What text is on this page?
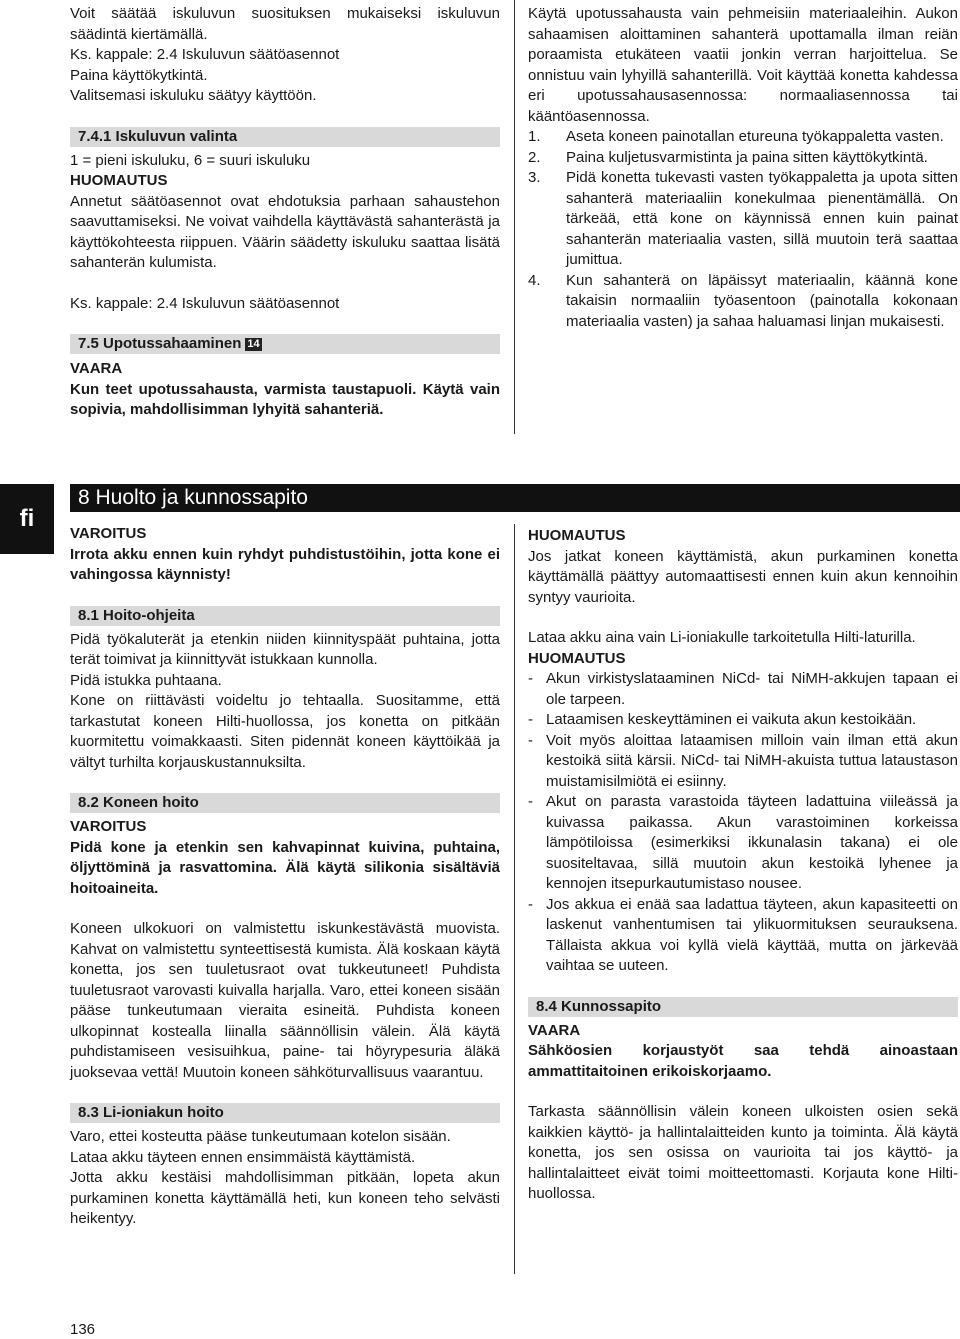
Voit säätää iskuluvun suosituksen mukaiseksi iskuluvun säädintä kiertämällä.

Ks. kappale: 2.4 Iskuluvun säätöasennot

Paina käyttökytkintä.

Valitsemasi iskuluku säätyy käyttöön.

7.4.1 Iskuluvun valinta

1 = pieni iskuluku, 6 = suuri iskuluku

HUOMAUTUS

Annetut säätöasennot ovat ehdotuksia parhaan sahaustehon saavuttamiseksi. Ne voivat vaihdella käyttävästä sahanterästä ja käyttökohteesta riippuen. Väärin säädetty iskuluku saattaa lisätä sahanterän kulumista.

Ks. kappale: 2.4 Iskuluvun säätöasennot

7.5 Upotussahaaminen 14

VAARA

Kun teet upotussahausta, varmista taustapuoli. Käytä vain sopivia, mahdollisimman lyhyitä sahanteriä.

Käytä upotussahausta vain pehmeisiin materiaaleihin. Aukon sahaamisen aloittaminen sahanterä upottamalla ilman reiän poraamista etukäteen vaatii jonkin verran harjoittelua. Se onnistuu vain lyhyillä sahanterillä. Voit käyttää konetta kahdessa eri upotussahausasennossa: normaaliasennossa tai kääntöasennossa.

1. Aseta koneen painotallan etureuna työkappaletta vasten.
2. Paina kuljetusvarmistinta ja paina sitten käyttökytkintä.
3. Pidä konetta tukevasti vasten työkappaletta ja upota sitten sahanterä materiaaliin konekulmaa pienentämällä. On tärkeää, että kone on käynnissä ennen kuin painat sahanterän materiaalia vasten, sillä muutoin terä saattaa jumittua.
4. Kun sahanterä on läpäissyt materiaalin, käännä kone takaisin normaaliin työasentoon (painotalla kokonaan materiaalia vasten) ja sahaa haluamasi linjan mukaisesti.
fi
8 Huolto ja kunnossapito

VAROITUS

Irrota akku ennen kuin ryhdyt puhdistustöihin, jotta kone ei vahingossa käynnisty!

8.1 Hoito-ohjeita

Pidä työkaluterät ja etenkin niiden kiinnityspäät puhtaina, jotta terät toimivat ja kiinnittyvät istukkaan kunnolla.

Pidä istukka puhtaana.

Kone on riittävästi voideltu jo tehtaalla. Suositamme, että tarkastutat koneen Hilti-huollossa, jos konetta on pitkään kuormitettu voimakkaasti. Siten pidennät koneen käyttöikää ja vältyt turhilta korjauskustannuksilta.

8.2 Koneen hoito

VAROITUS

Pidä kone ja etenkin sen kahvapinnat kuivina, puhtaina, öljyttöminä ja rasvattomina. Älä käytä silikonia sisältäviä hoitoaineita.

Koneen ulkokuori on valmistettu iskunkestävästä muovista. Kahvat on valmistettu synteettisestä kumista. Älä koskaan käytä konetta, jos sen tuuletusraot ovat tukkeutuneet! Puhdista tuuletusraot varovasti kuivalla harjalla. Varo, ettei koneen sisään pääse tunkeutumaan vieraita esineitä. Puhdista koneen ulkopinnat kostealla liinalla säännöllisin välein. Älä käytä puhdistamiseen vesisuihkua, paine- tai höyrypesuria äläkä juoksevaa vettä! Muutoin koneen sähköturvallisuus vaarantuu.

8.3 Li-ioniakun hoito

Varo, ettei kosteutta pääse tunkeutumaan kotelon sisään.

Lataa akku täyteen ennen ensimmäistä käyttämistä.

Jotta akku kestäisi mahdollisimman pitkään, lopeta akun purkaminen konetta käyttämällä heti, kun koneen teho selvästi heikentyy.

HUOMAUTUS

Jos jatkat koneen käyttämistä, akun purkaminen konetta käyttämällä päättyy automaattisesti ennen kuin akun kennoihin syntyy vaurioita.

Lataa akku aina vain Li-ioniakulle tarkoitetulla Hilti-laturilla.

HUOMAUTUS

- Akun virkistyslataaminen NiCd- tai NiMH-akkujen tapaan ei ole tarpeen.
- Lataamisen keskeyttäminen ei vaikuta akun kestoikään.
- Voit myös aloittaa lataamisen milloin vain ilman että akun kestoikä siitä kärsii. NiCd- tai NiMH-akuista tuttua lataustason muistamisilmiötä ei esiinny.
- Akut on parasta varastoida täyteen ladattuina viileässä ja kuivassa paikassa. Akun varastoiminen korkeissa lämpötiloissa (esimerkiksi ikkunalasin takana) ei ole suositeltavaa, sillä muutoin akun kestoikä lyhenee ja kennojen itsepurkautumistaso nousee.
- Jos akkua ei enää saa ladattua täyteen, akun kapasiteetti on laskenut vanhentumisen tai ylikuormituksen seurauksena. Tällaista akkua voi kyllä vielä käyttää, mutta on järkevää vaihtaa se uuteen.
8.4 Kunnossapito

VAARA

Sähköosien korjaustyöt saa tehdä ainoastaan ammattitaitoinen erikoiskorjaamo.

Tarkasta säännöllisin välein koneen ulkoisten osien sekä kaikkien käyttö- ja hallintalaitteiden kunto ja toiminta. Älä käytä konetta, jos sen osissa on vaurioita tai jos käyttö- ja hallintalaitteet eivät toimi moitteettomasti. Korjauta kone Hilti-huollossa.

136
